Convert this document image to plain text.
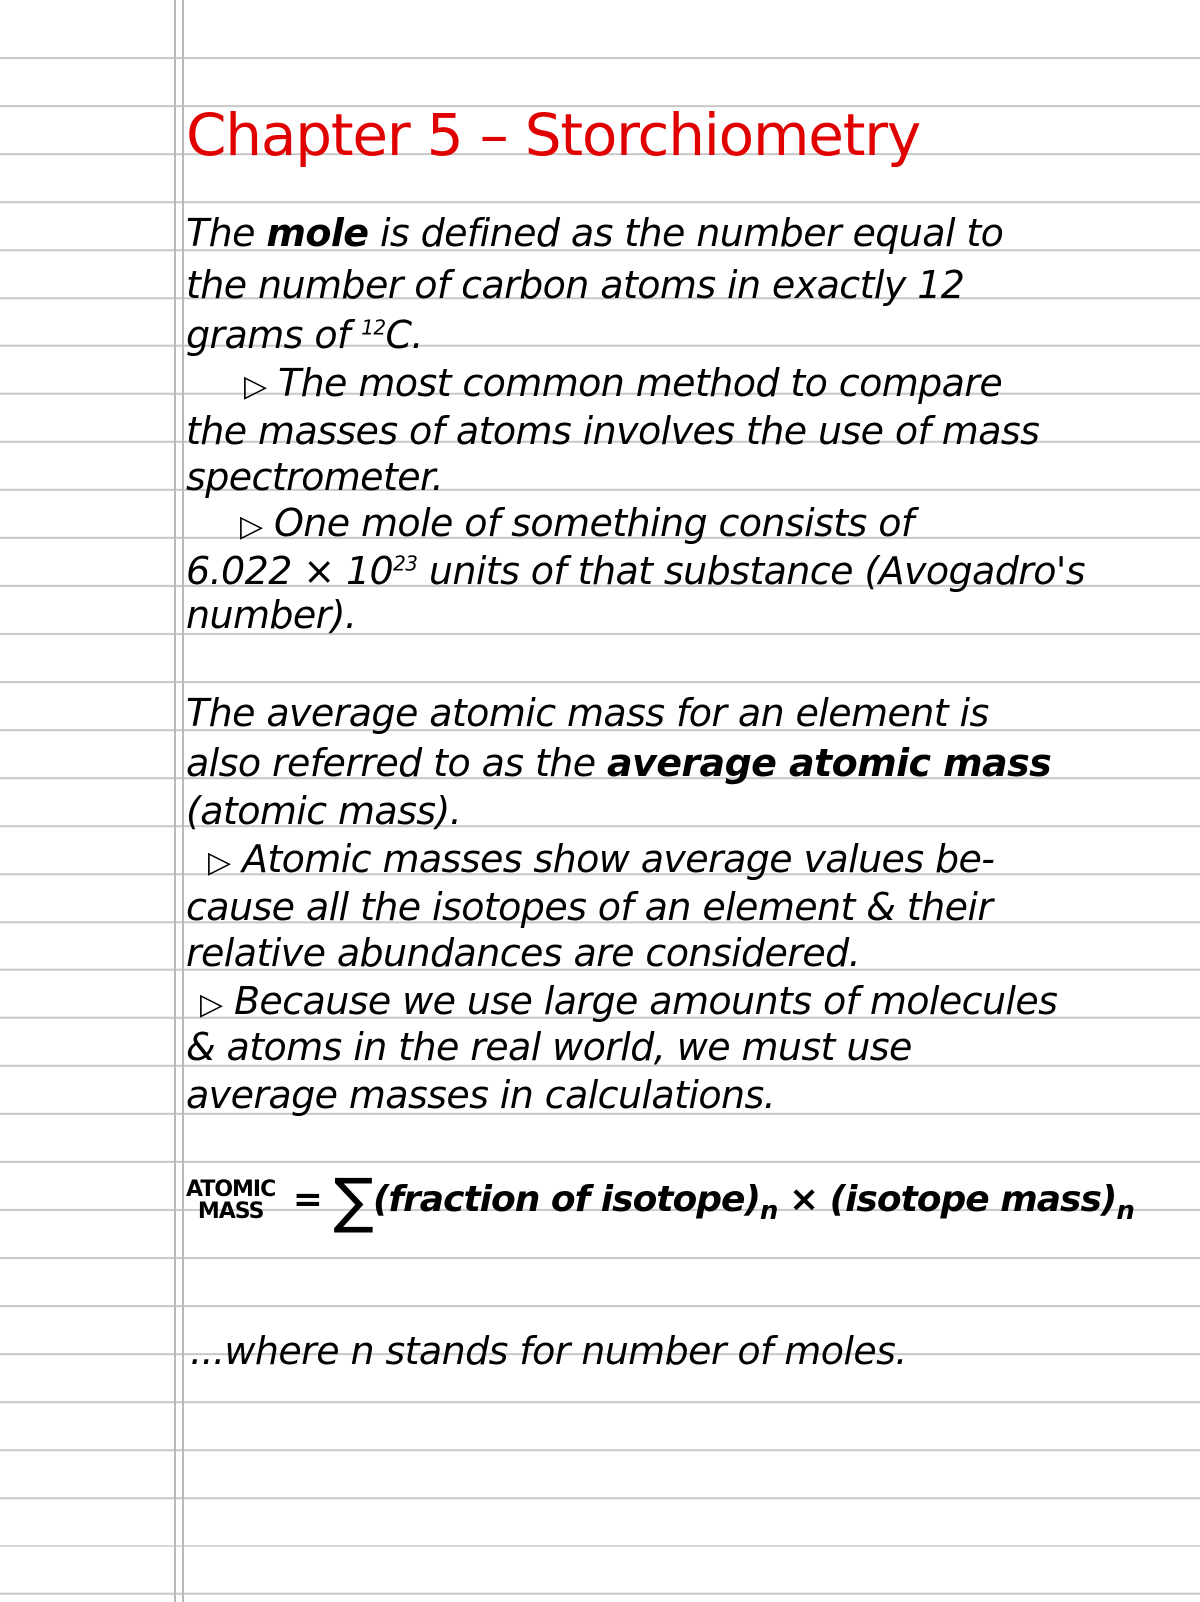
Chapter 5 – Storchiometry
The mole is defined as the number equal to
the number of carbon atoms in exactly 12
grams of $^{12}$C.
▷ The most common method to compare
the masses of atoms involves the use of mass
spectrometer.
▷ One mole of something consists of
$6.022 \times 10^{23}$ units of that substance (Avogadro's
number).
The average atomic mass for an element is
also referred to as the average atomic mass
(atomic mass).
▷ Atomic masses show average values be-
cause all the isotopes of an element & their
relative abundances are considered.
▷ Because we use large amounts of molecules
& atoms in the real world, we must use
average masses in calculations.
ATOMIC
MASS = ∑(fraction of $isotope)_n$ × (isotope $mass)_n$
...where n stands for number of moles.
